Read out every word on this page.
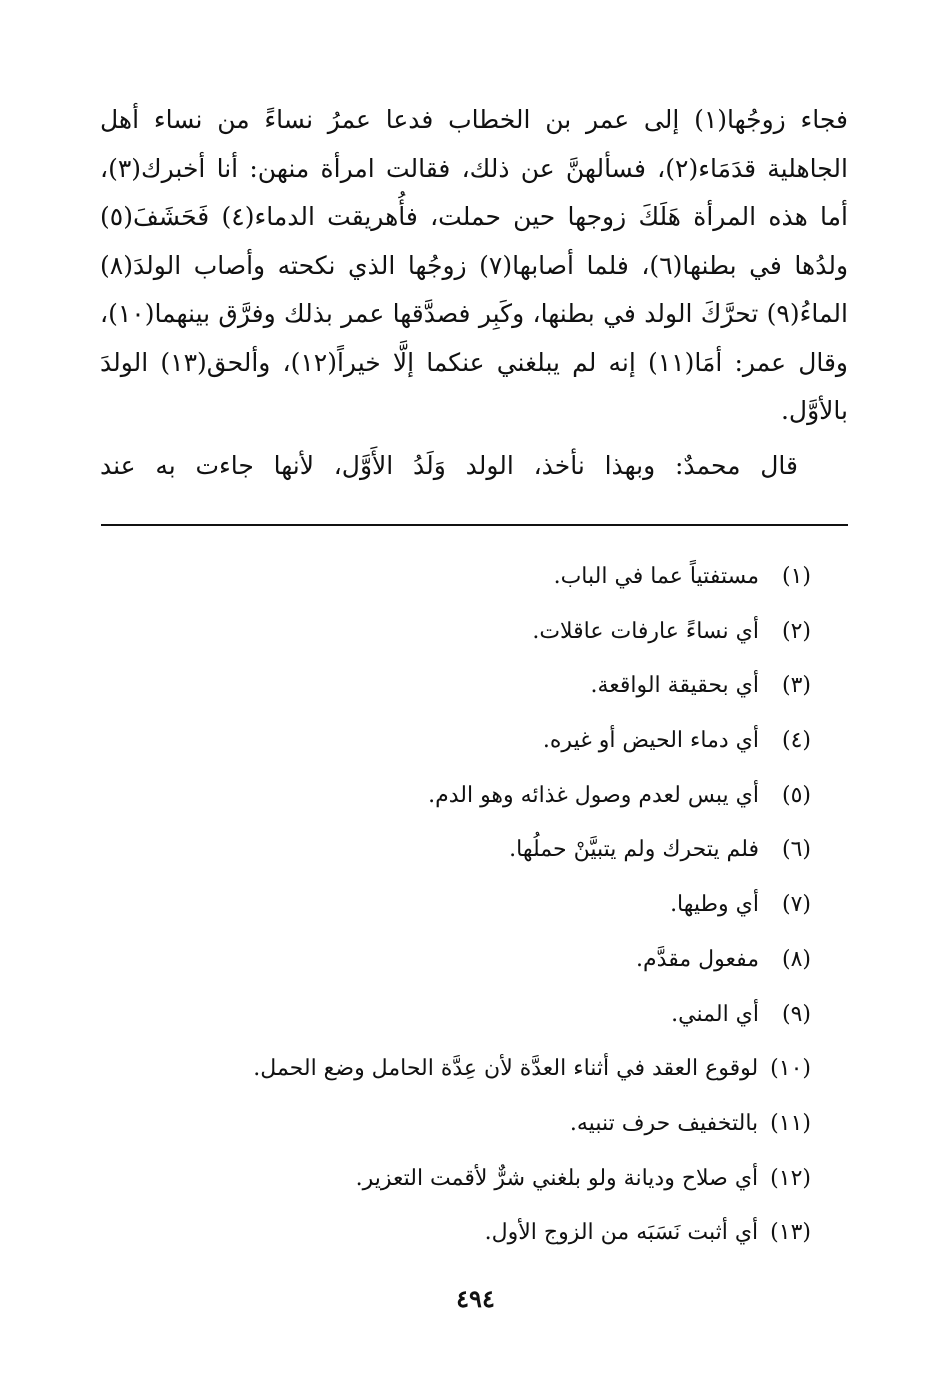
فجاء زوجُها(١) إلى عمر بن الخطاب فدعا عمرُ نساءً من نساء أهل الجاهلية قدَمَاء(٢)، فسألهنَّ عن ذلك، فقالت امرأة منهن: أنا أخبرك(٣)، أما هذه المرأة هَلَكَ زوجها حين حملت، فأُهريقت الدماء(٤) فَحَشَفَ(٥) ولدُها في بطنها(٦)، فلما أصابها(٧) زوجُها الذي نكحته وأصاب الولدَ(٨) الماءُ(٩) تحرَّكَ الولد في بطنها، وكَبِر فصدَّقها عمر بذلك وفرَّق بينهما(١٠)، وقال عمر: أمَا(١١) إنه لم يبلغني عنكما إلَّا خيراً(١٢)، وألحق(١٣) الولدَ بالأوَّل.

قال محمدٌ: وبهذا نأخذ، الولد وَلَدُ الأَوَّل، لأنها جاءت به عند

(١)مستفتياً عما في الباب.
(٢)أي نساءً عارفات عاقلات.
(٣)أي بحقيقة الواقعة.
(٤)أي دماء الحيض أو غيره.
(٥)أي يبس لعدم وصول غذائه وهو الدم.
(٦)فلم يتحرك ولم يتبيَّنْ حملُها.
(٧)أي وطيها.
(٨)مفعول مقدَّم.
(٩)أي المني.
(١٠)لوقوع العقد في أثناء العدَّة لأن عِدَّة الحامل وضع الحمل.
(١١)بالتخفيف حرف تنبيه.
(١٢)أي صلاح وديانة ولو بلغني شرٌّ لأقمت التعزير.
(١٣)أي أثبت نَسَبَه من الزوج الأول.
٤٩٤
